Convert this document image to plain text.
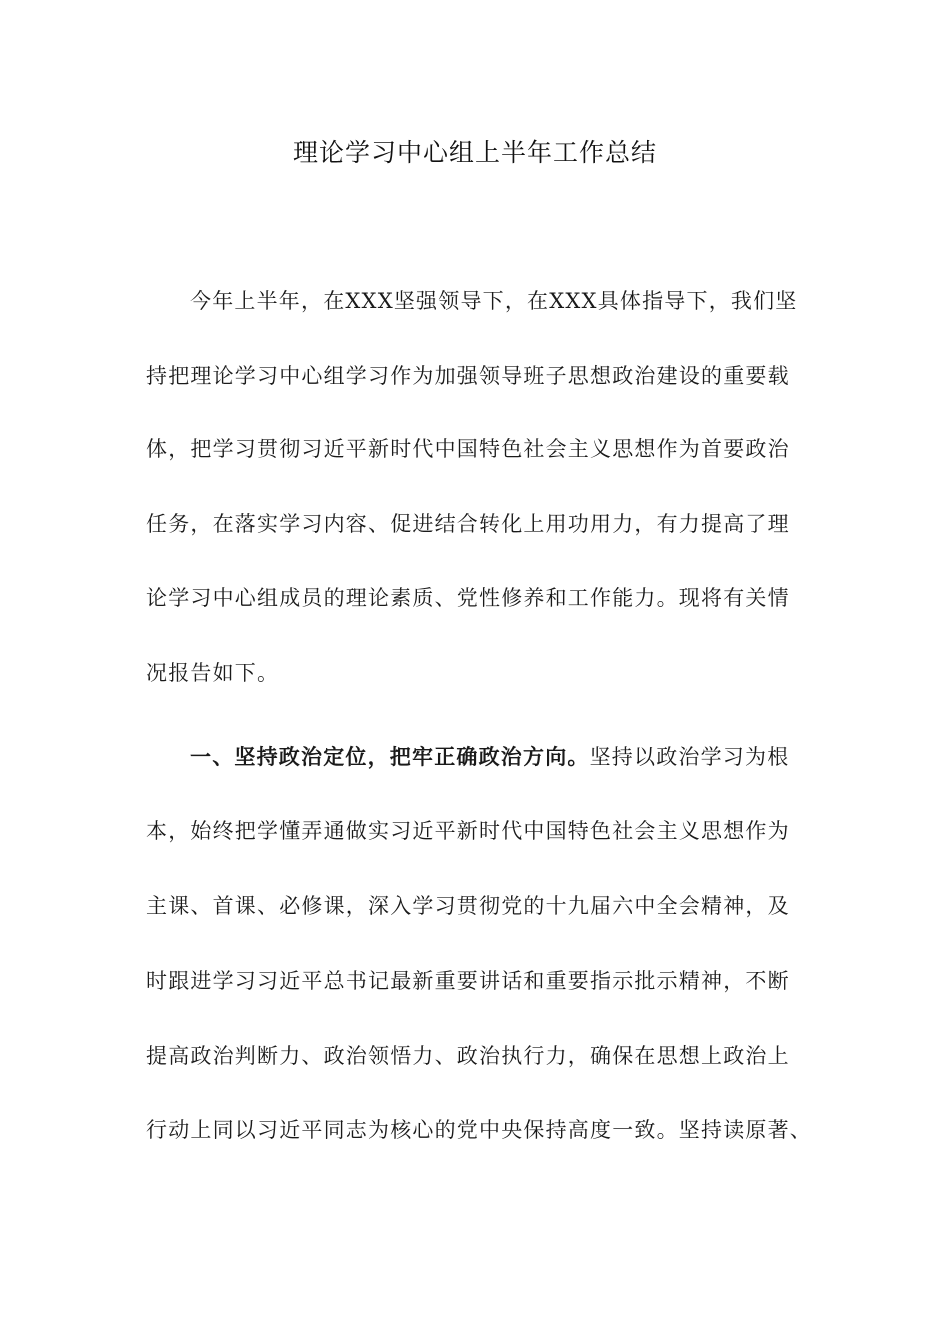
理论学习中心组上半年工作总结
今年上半年，在XXX坚强领导下，在XXX具体指导下，我们坚
持把理论学习中心组学习作为加强领导班子思想政治建设的重要载
体，把学习贯彻习近平新时代中国特色社会主义思想作为首要政治
任务，在落实学习内容、促进结合转化上用功用力，有力提高了理
论学习中心组成员的理论素质、党性修养和工作能力。现将有关情
况报告如下。
一、坚持政治定位，把牢正确政治方向。坚持以政治学习为根
本，始终把学懂弄通做实习近平新时代中国特色社会主义思想作为
主课、首课、必修课，深入学习贯彻党的十九届六中全会精神，及
时跟进学习习近平总书记最新重要讲话和重要指示批示精神，不断
提高政治判断力、政治领悟力、政治执行力，确保在思想上政治上
行动上同以习近平同志为核心的党中央保持高度一致。坚持读原著、
